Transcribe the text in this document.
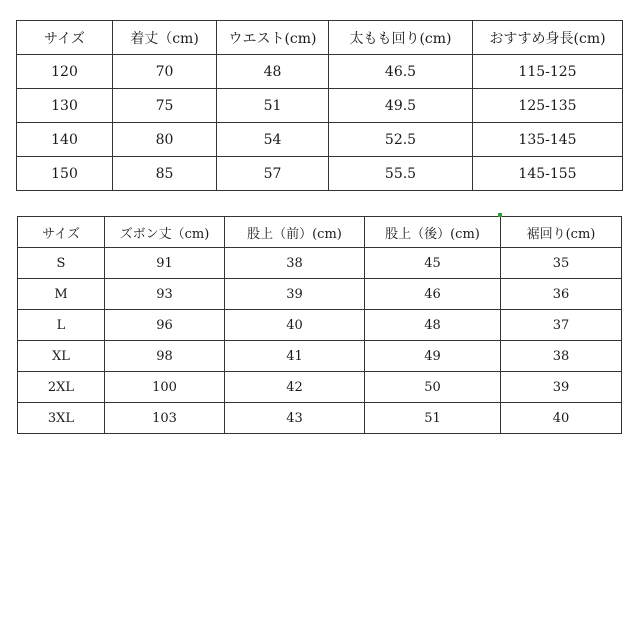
サイズ	着丈（cm)	ウエスト(cm)	太もも回り(cm)	おすすめ身長(cm)
120	70	48	46.5	115-125
130	75	51	49.5	125-135
140	80	54	52.5	135-145
150	85	57	55.5	145-155
サイズ	ズボン丈（cm)	股上（前）(cm)	股上（後）(cm)	裾回り(cm)
S	91	38	45	35
M	93	39	46	36
L	96	40	48	37
XL	98	41	49	38
2XL	100	42	50	39
3XL	103	43	51	40
